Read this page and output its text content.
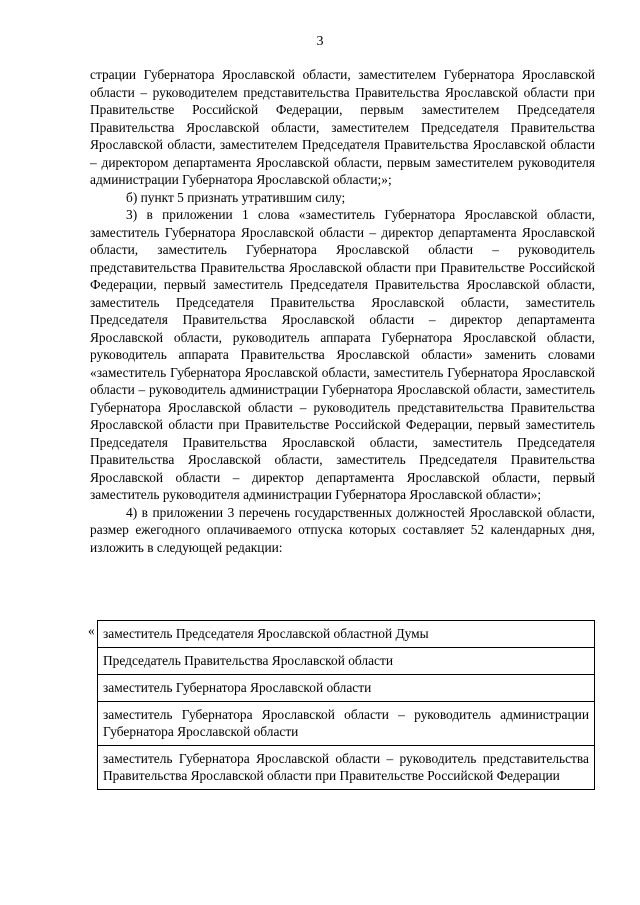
3

страции Губернатора Ярославской области, заместителем Губернатора Ярославской области – руководителем представительства Правительства Ярославской области при Правительстве Российской Федерации, первым заместителем Председателя Правительства Ярославской области, заместителем Председателя Правительства Ярославской области, заместителем Председателя Правительства Ярославской области – директором департамента Ярославской области, первым заместителем руководителя администрации Губернатора Ярославской области;»;

б) пункт 5 признать утратившим силу;

3) в приложении 1 слова «заместитель Губернатора Ярославской области, заместитель Губернатора Ярославской области – директор департамента Ярославской области, заместитель Губернатора Ярославской области – руководитель представительства Правительства Ярославской области при Правительстве Российской Федерации, первый заместитель Председателя Правительства Ярославской области, заместитель Председателя Правительства Ярославской области, заместитель Председателя Правительства Ярославской области – директор департамента Ярославской области, руководитель аппарата Губернатора Ярославской области, руководитель аппарата Правительства Ярославской области» заменить словами «заместитель Губернатора Ярославской области, заместитель Губернатора Ярославской области – руководитель администрации Губернатора Ярославской области, заместитель Губернатора Ярославской области – руководитель представительства Правительства Ярославской области при Правительстве Российской Федерации, первый заместитель Председателя Правительства Ярославской области, заместитель Председателя Правительства Ярославской области, заместитель Председателя Правительства Ярославской области – директор департамента Ярославской области, первый заместитель руководителя администрации Губернатора Ярославской области»;

4) в приложении 3 перечень государственных должностей Ярославской области, размер ежегодного оплачиваемого отпуска которых составляет 52 календарных дня, изложить в следующей редакции:

« заместитель Председателя Ярославской областной Думы
Председатель Правительства Ярославской области
заместитель Губернатора Ярославской области
заместитель Губернатора Ярославской области – руководитель администрации Губернатора Ярославской области
заместитель Губернатора Ярославской области – руководитель представительства Правительства Ярославской области при Правительстве Российской Федерации
